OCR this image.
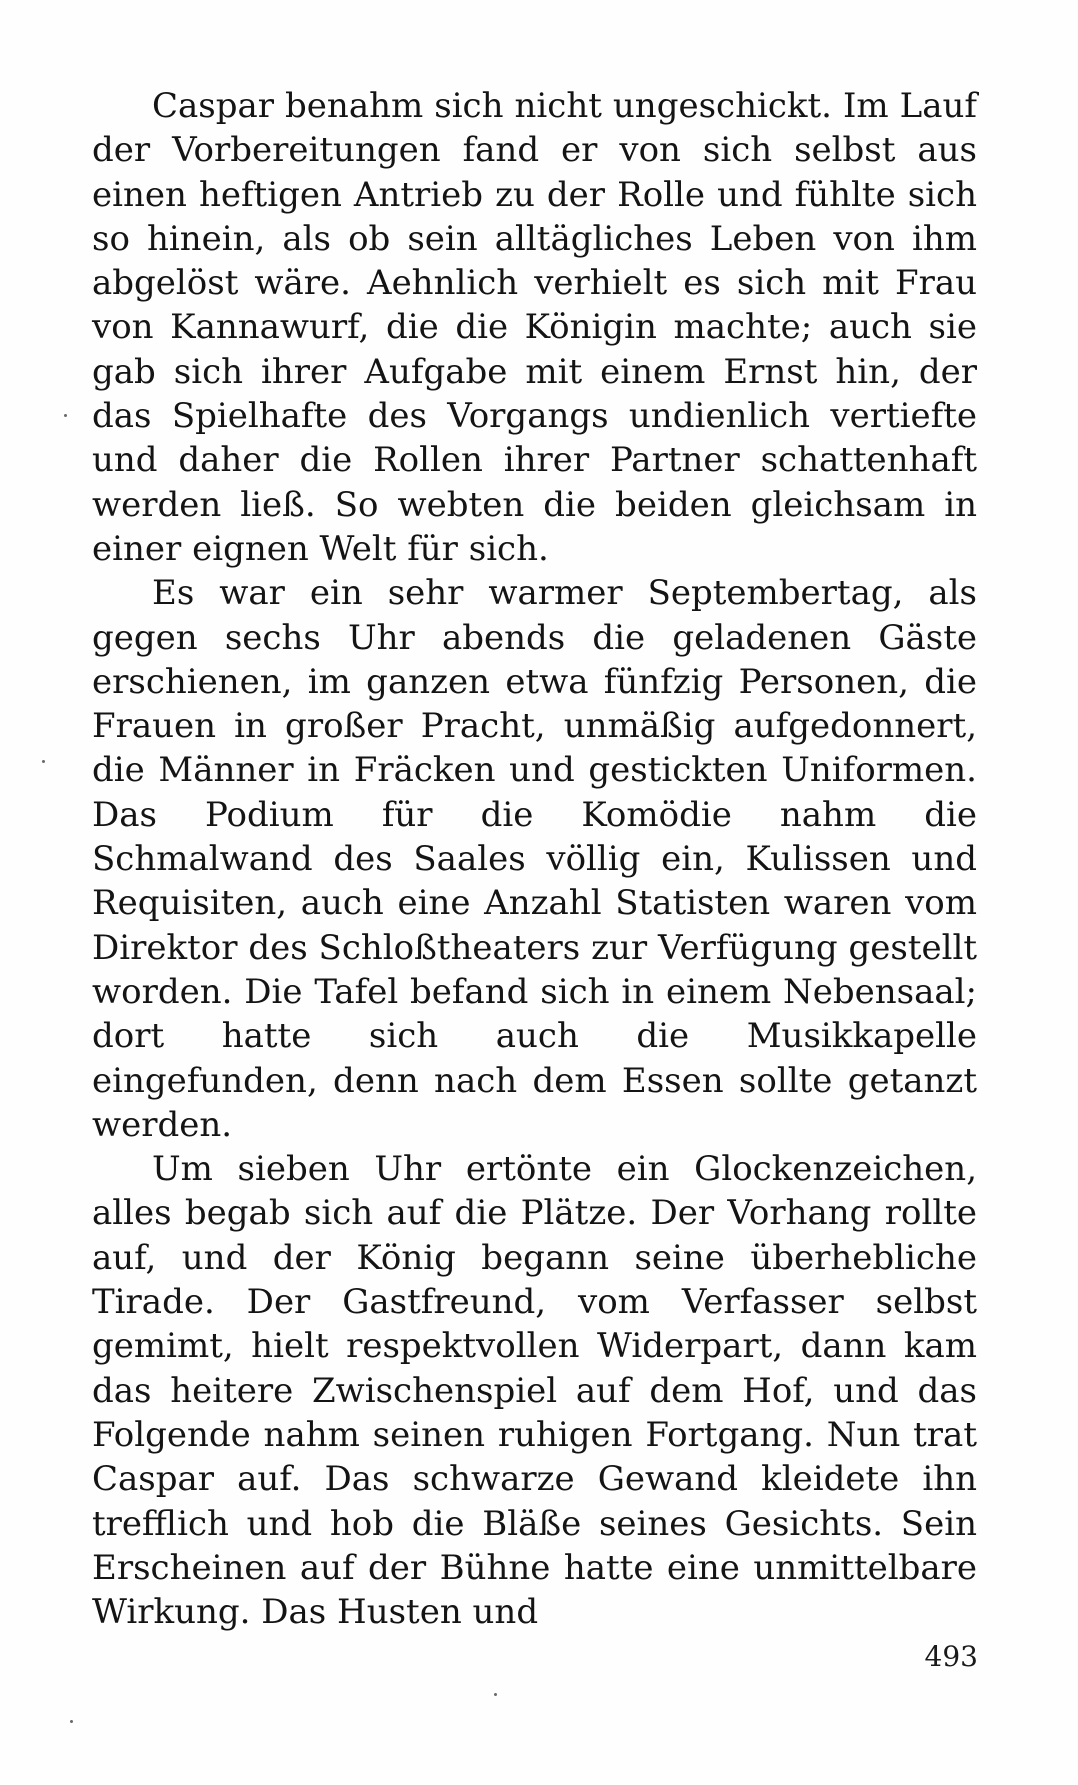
Caspar benahm sich nicht ungeschickt. Im Lauf der Vorbereitungen fand er von sich selbst aus einen heftigen Antrieb zu der Rolle und fühlte sich so hinein, als ob sein alltägliches Leben von ihm abgelöst wäre. Aehnlich verhielt es sich mit Frau von Kannawurf, die die Königin machte; auch sie gab sich ihrer Aufgabe mit einem Ernst hin, der das Spielhafte des Vorgangs undienlich vertiefte und daher die Rollen ihrer Partner schattenhaft werden ließ. So webten die beiden gleichsam in einer eignen Welt für sich.

Es war ein sehr warmer Septembertag, als gegen sechs Uhr abends die geladenen Gäste erschienen, im ganzen etwa fünfzig Personen, die Frauen in großer Pracht, unmäßig aufgedonnert, die Männer in Fräcken und gestickten Uniformen. Das Podium für die Komödie nahm die Schmalwand des Saales völlig ein, Kulissen und Requisiten, auch eine Anzahl Statisten waren vom Direktor des Schloßtheaters zur Verfügung gestellt worden. Die Tafel befand sich in einem Nebensaal; dort hatte sich auch die Musikkapelle eingefunden, denn nach dem Essen sollte getanzt werden.

Um sieben Uhr ertönte ein Glockenzeichen, alles begab sich auf die Plätze. Der Vorhang rollte auf, und der König begann seine überhebliche Tirade. Der Gastfreund, vom Verfasser selbst gemimt, hielt respektvollen Widerpart, dann kam das heitere Zwischenspiel auf dem Hof, und das Folgende nahm seinen ruhigen Fortgang. Nun trat Caspar auf. Das schwarze Gewand kleidete ihn trefflich und hob die Bläße seines Gesichts. Sein Erscheinen auf der Bühne hatte eine unmittelbare Wirkung. Das Husten und

493
